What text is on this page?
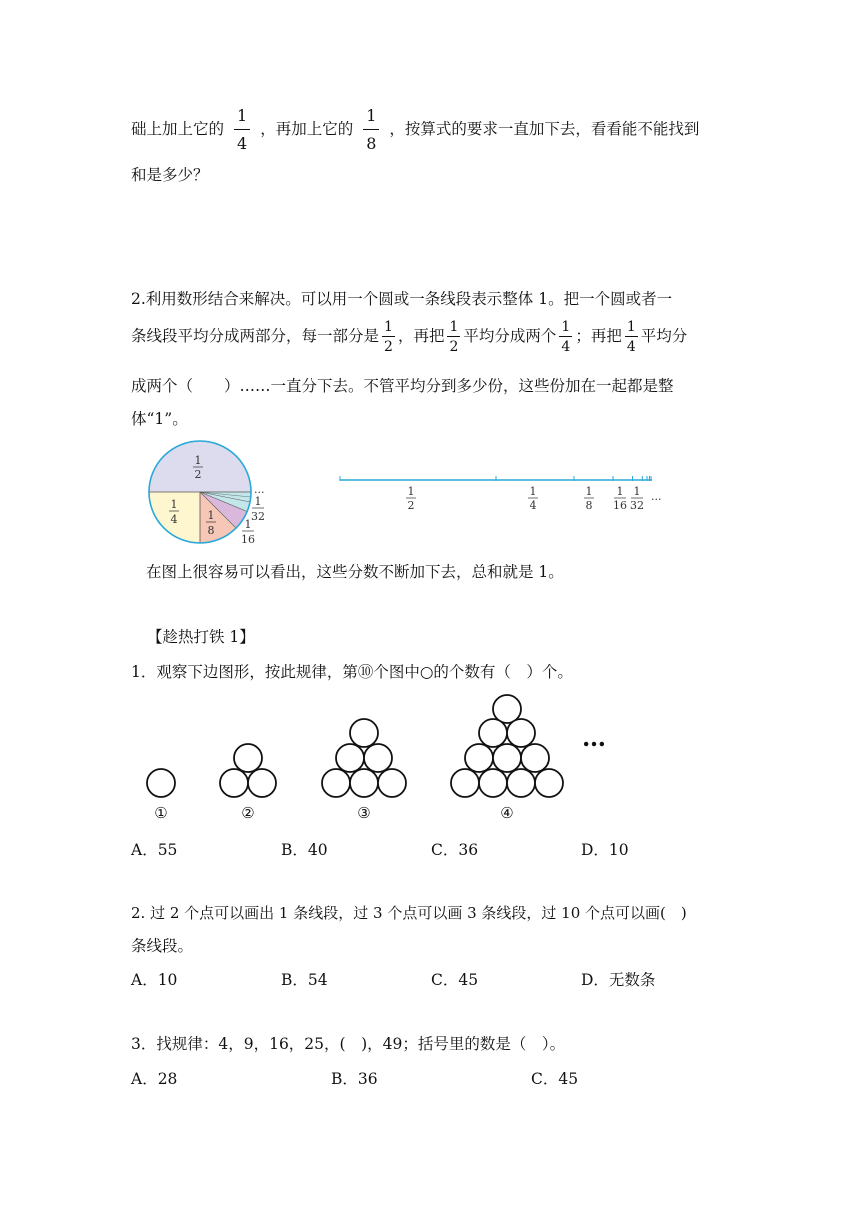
础上加上它的 $\frac{1}{4}$ ，再加上它的 $\frac{1}{8}$ ，按算式的要求一直加下去，看看能不能找到
和是多少？
2.利用数形结合来解决。可以用一个圆或一条线段表示整体 1。把一个圆或者一
条线段平均分成两部分，每一部分是 $\frac{1}{2}$ ，再把 $\frac{1}{2}$ 平均分成两个 $\frac{1}{4}$ ；再把 $\frac{1}{4}$ 平均分
成两个（　　）……一直分下去。不管平均分到多少份，这些份加在一起都是整
体“1”。
1
2
1
4	1
8	1
16
1
32
...	1
2
1
4
1
8
1
16
1
32
...
在图上很容易可以看出，这些分数不断加下去，总和就是 1。
【趁热打铁 1】
1．观察下边图形，按此规律，第⑩个图中○的个数有（　）个。
①	②	③	④
…
A．55	B．40	C．36	D．10
2. 过 2 个点可以画出 1 条线段，过 3 个点可以画 3 条线段，过 10 个点可以画(　)
条线段。
A．10	B．54	C．45	D．无数条
3．找规律：4，9，16，25，(　)，49；括号里的数是（　）。
A．28	B．36	C．45
